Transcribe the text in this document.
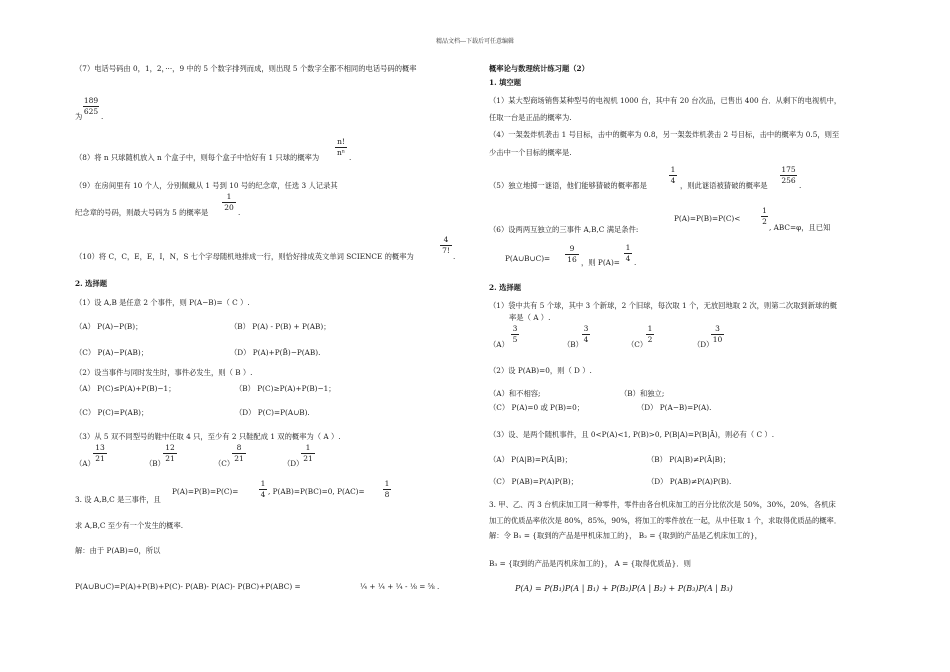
精品文档---下载后可任意编辑
（7）电话号码由 0，1，2，···，9 中的 5 个数字排列而成，则出现 5 个数字全都不相同的电话号码的概率
为
189
625
.
（8）将 n 只球随机放入 n 个盒子中，则每个盒子中恰好有 1 只球的概率为
n!
nⁿ
.
（9）在房间里有 10 个人，分别佩戴从 1 号到 10 号的纪念章，任选 3 人记录其
纪念章的号码，则最大号码为 5 的概率是
1
20
.
（10）将 C，C，E，E，I，N，S 七个字母随机地排成一行，则恰好排成英文单词 SCIENCE 的概率为
4
7!
.
2. 选择题
（1）设 A,B 是任意 2 个事件，则 P(A−B)=（ C ）.
（A） P(A)−P(B)；	（B） P(A) - P(B) + P(AB)；
（C） P(A)−P(AB)；	（D） P(A)+P(B̄)−P(AB).
（2）设当事件与同时发生时，事件必发生，则（ B ）.
（A） P(C)≤P(A)+P(B)−1；	（B） P(C)≥P(A)+P(B)−1；
（C） P(C)=P(AB)；	（D） P(C)=P(A∪B).
（3）从 5 双不同型号的鞋中任取 4 只，至少有 2 只鞋配成 1 双的概率为（ A ）.
（A）
13
21
（B）
12
21
（C）
8
21
（D）
1
21
3. 设 A,B,C 是三事件，且
P(A)=P(B)=P(C)=
1
4 , P(AB)=P(BC)=0, P(AC)=
1
8
求 A,B,C 至少有一个发生的概率.
解：由于 P(AB)=0，所以
P(A∪B∪C)=P(A)+P(B)+P(C)- P(AB)- P(AC)- P(BC)+P(ABC) =	¼ + ¼ + ¼ - ⅛ = ⅝ .
概率论与数理统计练习题（2）
1. 填空题
（1）某大型商场销售某种型号的电视机 1000 台，其中有 20 台次品，已售出 400 台．从剩下的电视机中，
任取一台是正品的概率为.
（4）一架轰炸机袭击 1 号目标，击中的概率为 0.8，另一架轰炸机袭击 2 号目标，击中的概率为 0.5，则至
少击中一个目标的概率是.
（5）独立地掷一谜语，他们能够猜破的概率都是
1
4
，则此谜语被猜破的概率是
175
256
.
（6）设两两互独立的三事件 A,B,C 满足条件:
P(A)=P(B)=P(C)<
1
2
, ABC=φ，且已知
P(A∪B∪C)=
9
16 ，则 P(A)=
1
4 .
2. 选择题
（1）袋中共有 5 个球，其中 3 个新球，2 个旧球，每次取 1 个，无放回地取 2 次，则第二次取到新球的概
率是（ A ）.
（A）
3
5
（B）
3
4
（C）
1
2
（D）
3
10
（2）设 P(AB)=0，则（ D ）.
（A）和不相容;	（B）和独立;
（C） P(A)=0 或 P(B)=0；	（D） P(A−B)=P(A).
（3）设、是两个随机事件，且 0<P(A)<1, P(B)>0, P(B|A)=P(B|Ā)，则必有（ C ）.
（A） P(A|B)=P(Ā|B)；	（B） P(A|B)≠P(Ā|B)；
（C） P(AB)=P(A)P(B)；	（D） P(AB)≠P(A)P(B).
3. 甲、乙、丙 3 台机床加工同一种零件，零件由各台机床加工的百分比依次是 50%，30%，20%．各机床
加工的优质品率依次是 80%，85%，90%，将加工的零件放在一起，从中任取 1 个，求取得优质品的概率．
解：令 B₁ = {取到的产品是甲机床加工的}， B₂ = {取到的产品是乙机床加工的}，
B₃ = {取到的产品是丙机床加工的}， A = {取得优质品}．则
P(A) = P(B₁)P(A | B₁) + P(B₂)P(A | B₂) + P(B₃)P(A | B₃)
